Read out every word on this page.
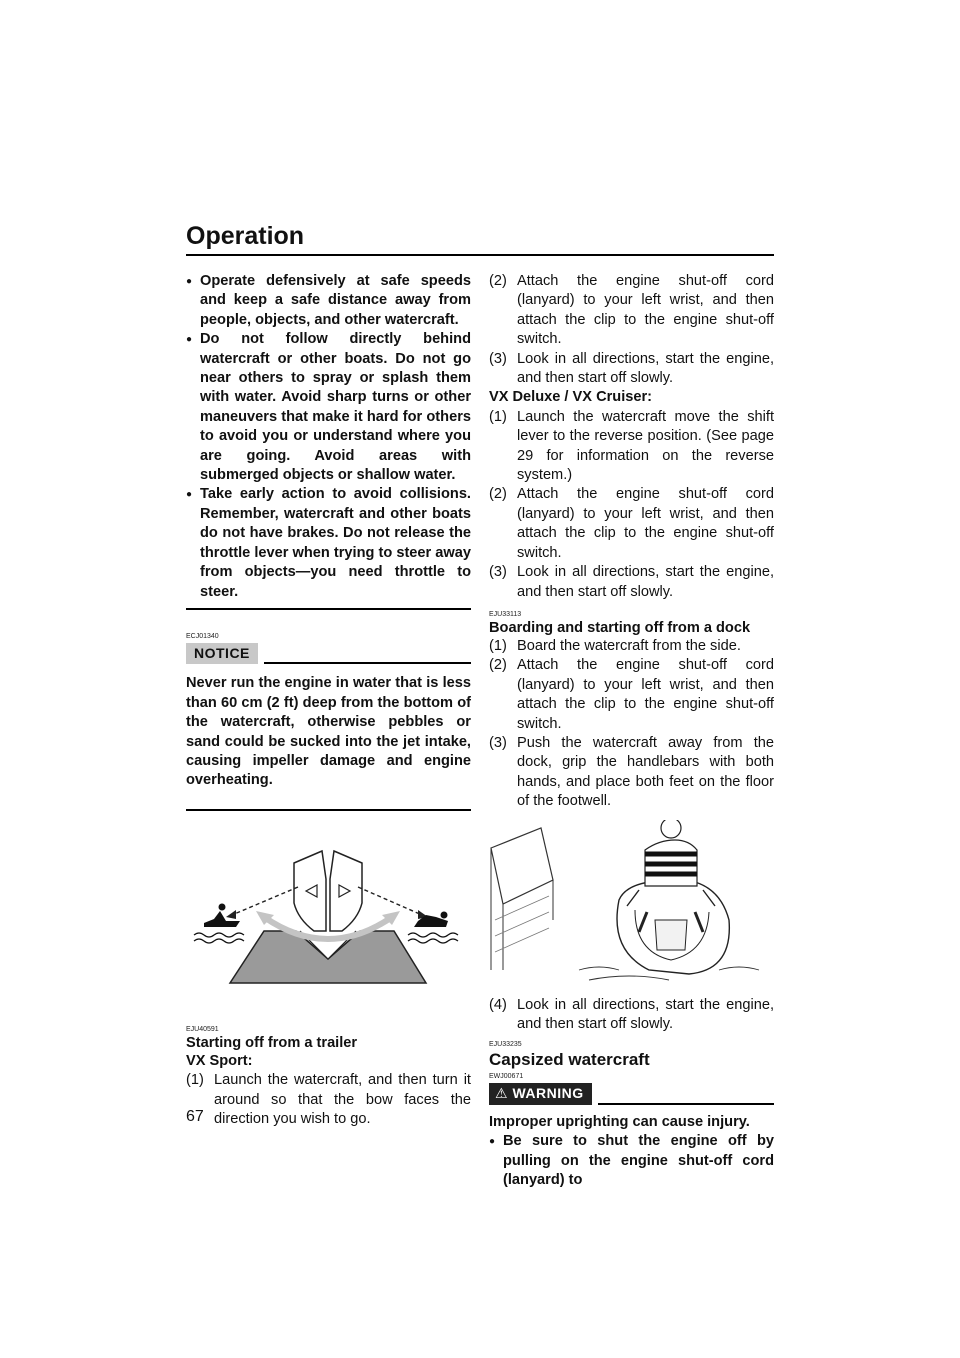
Operation
● Operate defensively at safe speeds and keep a safe distance away from people, objects, and other watercraft.
● Do not follow directly behind watercraft or other boats. Do not go near others to spray or splash them with water. Avoid sharp turns or other maneuvers that make it hard for others to avoid you or understand where you are going. Avoid areas with submerged objects or shallow water.
● Take early action to avoid collisions. Remember, watercraft and other boats do not have brakes. Do not release the throttle lever when trying to steer away from objects—you need throttle to steer.
ECJ01340
NOTICE
Never run the engine in water that is less than 60 cm (2 ft) deep from the bottom of the watercraft, otherwise pebbles or sand could be sucked into the jet intake, causing impeller damage and engine overheating.
EJU40591
Starting off from a trailer
VX Sport:
(1) Launch the watercraft, and then turn it around so that the bow faces the direction you wish to go.
(2) Attach the engine shut-off cord (lanyard) to your left wrist, and then attach the clip to the engine shut-off switch.
(3) Look in all directions, start the engine, and then start off slowly.
VX Deluxe / VX Cruiser:
(1) Launch the watercraft move the shift lever to the reverse position. (See page 29 for information on the reverse system.)
(2) Attach the engine shut-off cord (lanyard) to your left wrist, and then attach the clip to the engine shut-off switch.
(3) Look in all directions, start the engine, and then start off slowly.
EJU33113
Boarding and starting off from a dock
(1) Board the watercraft from the side.
(2) Attach the engine shut-off cord (lanyard) to your left wrist, and then attach the clip to the engine shut-off switch.
(3) Push the watercraft away from the dock, grip the handlebars with both hands, and place both feet on the floor of the footwell.
(4) Look in all directions, start the engine, and then start off slowly.
EJU33235
Capsized watercraft
EWJ00671
⚠ WARNING
Improper uprighting can cause injury.
● Be sure to shut the engine off by pulling on the engine shut-off cord (lanyard) to
67
